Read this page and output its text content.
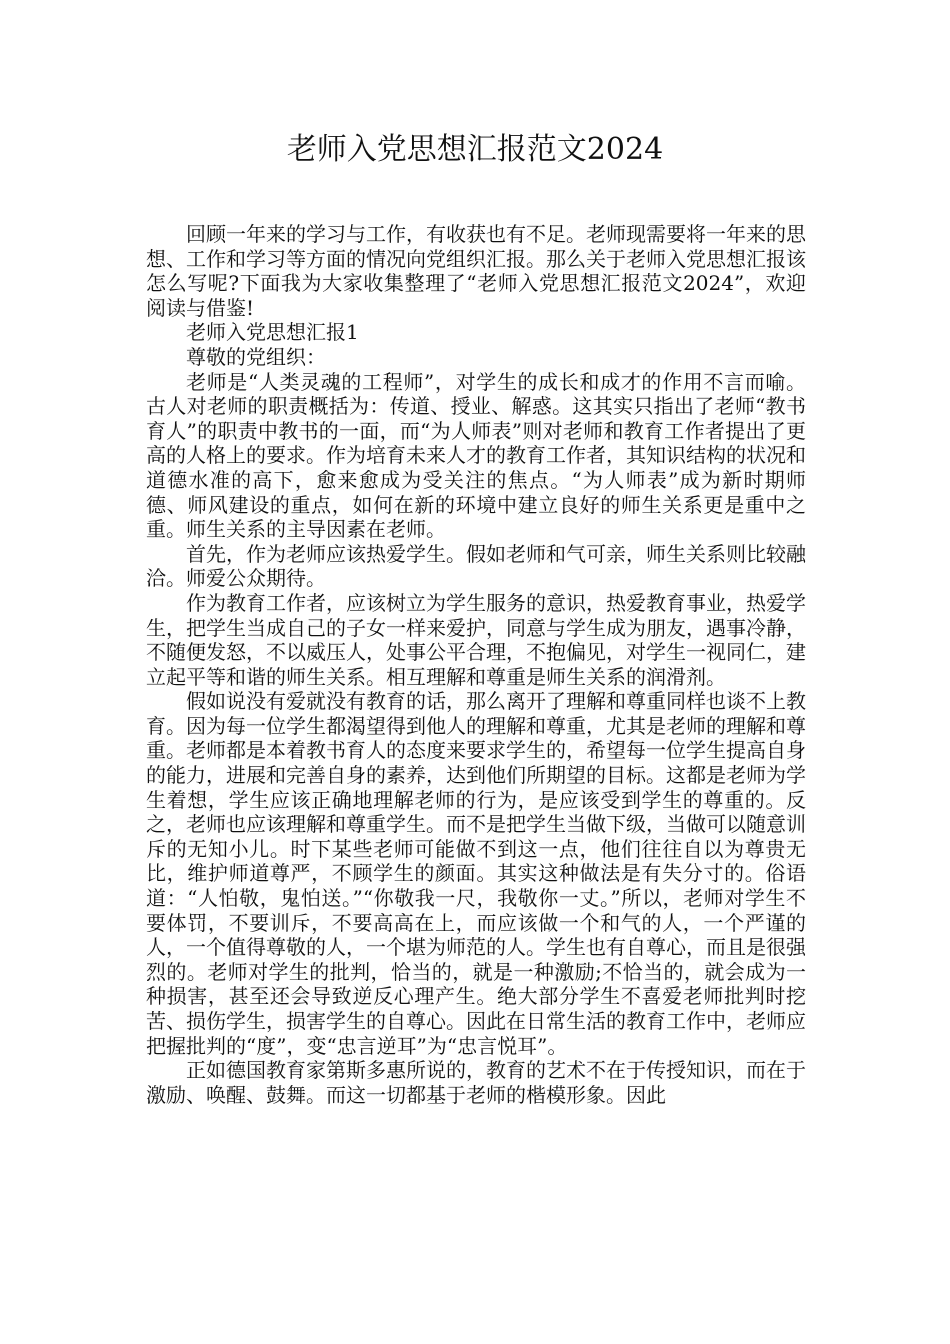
老师入党思想汇报范文2024

回顾一年来的学习与工作，有收获也有不足。老师现需要将一年来的思想、工作和学习等方面的情况向党组织汇报。那么关于老师入党思想汇报该怎么写呢?下面我为大家收集整理了“老师入党思想汇报范文2024”，欢迎阅读与借鉴!

老师入党思想汇报1

尊敬的党组织：

老师是“人类灵魂的工程师”，对学生的成长和成才的作用不言而喻。古人对老师的职责概括为：传道、授业、解惑。这其实只指出了老师“教书育人”的职责中教书的一面，而“为人师表”则对老师和教育工作者提出了更高的人格上的要求。作为培育未来人才的教育工作者，其知识结构的状况和道德水准的高下，愈来愈成为受关注的焦点。“为人师表”成为新时期师德、师风建设的重点，如何在新的环境中建立良好的师生关系更是重中之重。师生关系的主导因素在老师。

首先，作为老师应该热爱学生。假如老师和气可亲，师生关系则比较融洽。师爱公众期待。

作为教育工作者，应该树立为学生服务的意识，热爱教育事业，热爱学生，把学生当成自己的子女一样来爱护，同意与学生成为朋友，遇事冷静，不随便发怒，不以威压人，处事公平合理，不抱偏见，对学生一视同仁，建立起平等和谐的师生关系。相互理解和尊重是师生关系的润滑剂。

假如说没有爱就没有教育的话，那么离开了理解和尊重同样也谈不上教育。因为每一位学生都渴望得到他人的理解和尊重，尤其是老师的理解和尊重。老师都是本着教书育人的态度来要求学生的，希望每一位学生提高自身的能力，进展和完善自身的素养，达到他们所期望的目标。这都是老师为学生着想，学生应该正确地理解老师的行为，是应该受到学生的尊重的。反之，老师也应该理解和尊重学生。而不是把学生当做下级，当做可以随意训斥的无知小儿。时下某些老师可能做不到这一点，他们往往自以为尊贵无比，维护师道尊严，不顾学生的颜面。其实这种做法是有失分寸的。俗语道：“人怕敬，鬼怕送。”“你敬我一尺，我敬你一丈。”所以，老师对学生不要体罚，不要训斥，不要高高在上，而应该做一个和气的人，一个严谨的人，一个值得尊敬的人，一个堪为师范的人。学生也有自尊心，而且是很强烈的。老师对学生的批判，恰当的，就是一种激励;不恰当的，就会成为一种损害，甚至还会导致逆反心理产生。绝大部分学生不喜爱老师批判时挖苦、损伤学生，损害学生的自尊心。因此在日常生活的教育工作中，老师应把握批判的“度”，变“忠言逆耳”为“忠言悦耳”。

正如德国教育家第斯多惠所说的，教育的艺术不在于传授知识，而在于激励、唤醒、鼓舞。而这一切都基于老师的楷模形象。因此
